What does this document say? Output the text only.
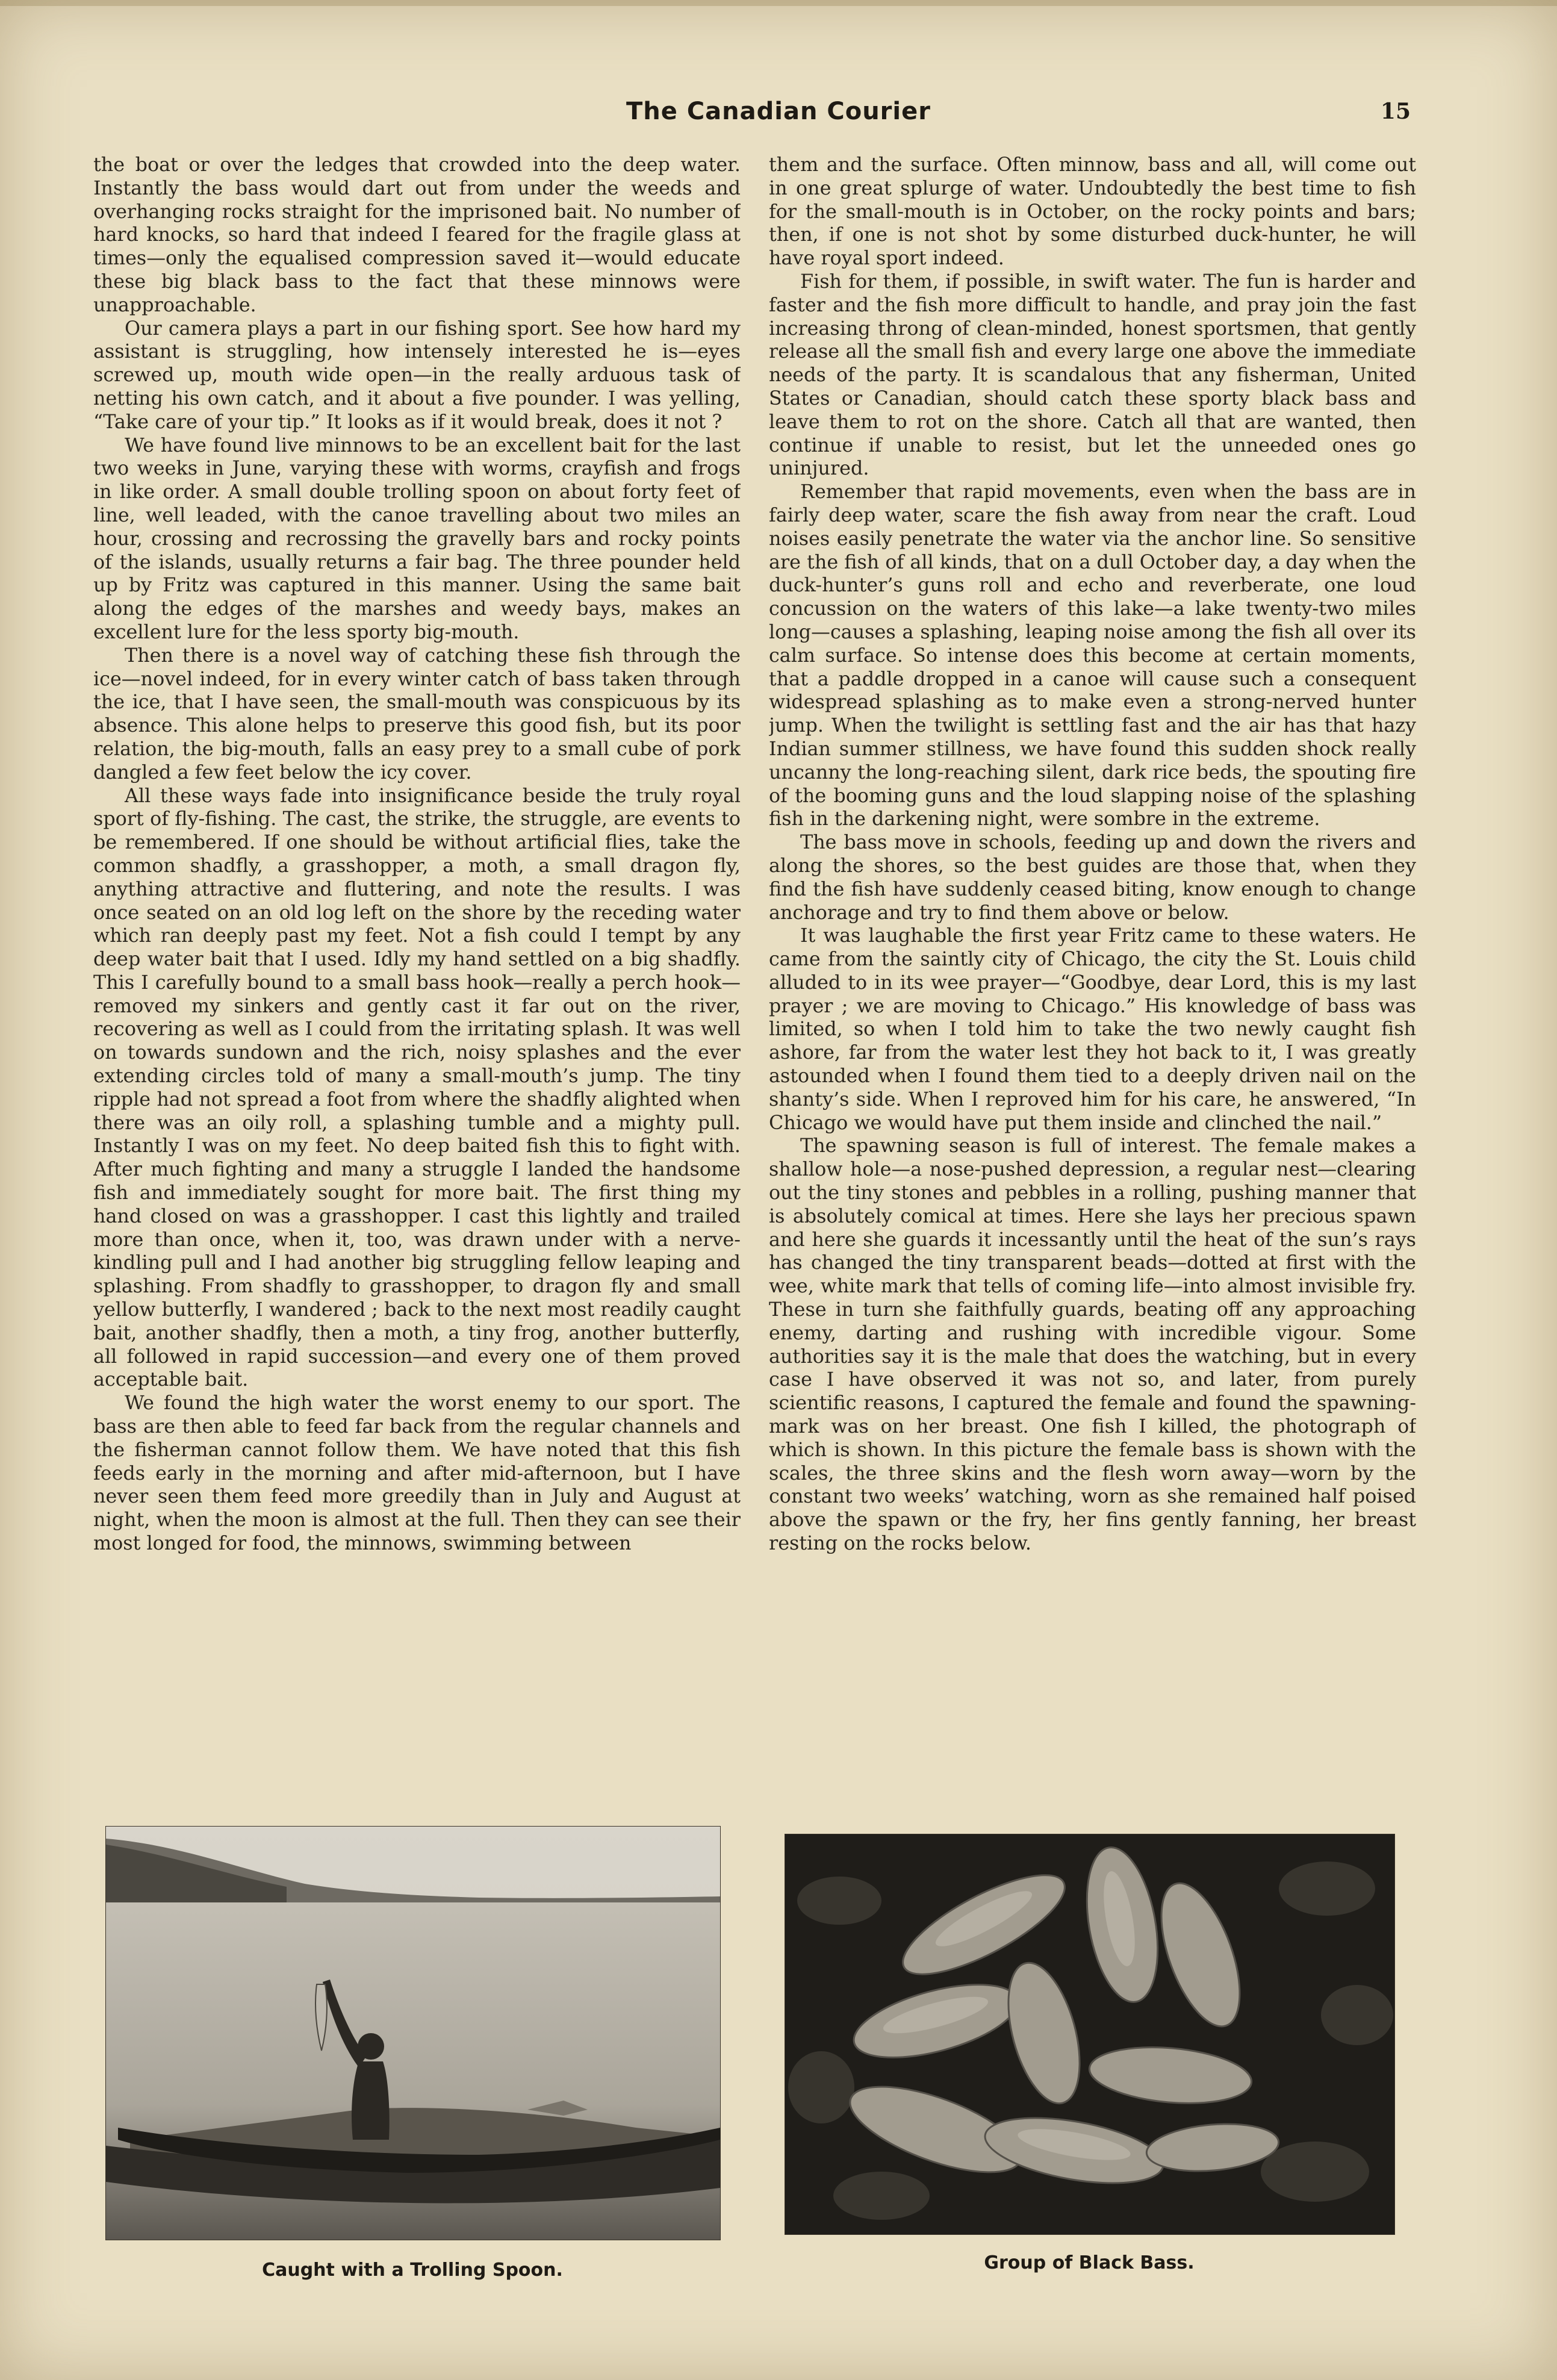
The Canadian Courier	15

the boat or over the ledges that crowded into the deep water. Instantly the bass would dart out from under the weeds and overhanging rocks straight for the imprisoned bait. No number of hard knocks, so hard that indeed I feared for the fragile glass at times—only the equalised compression saved it—would educate these big black bass to the fact that these minnows were unapproachable.

Our camera plays a part in our fishing sport. See how hard my assistant is struggling, how intensely interested he is—eyes screwed up, mouth wide open—in the really arduous task of netting his own catch, and it about a five pounder. I was yelling, “Take care of your tip.” It looks as if it would break, does it not ?

We have found live minnows to be an excellent bait for the last two weeks in June, varying these with worms, crayfish and frogs in like order. A small double trolling spoon on about forty feet of line, well leaded, with the canoe travelling about two miles an hour, crossing and recrossing the gravelly bars and rocky points of the islands, usually returns a fair bag. The three pounder held up by Fritz was captured in this manner. Using the same bait along the edges of the marshes and weedy bays, makes an excellent lure for the less sporty big-mouth.

Then there is a novel way of catching these fish through the ice—novel indeed, for in every winter catch of bass taken through the ice, that I have seen, the small-mouth was conspicuous by its absence. This alone helps to preserve this good fish, but its poor relation, the big-mouth, falls an easy prey to a small cube of pork dangled a few feet below the icy cover.

All these ways fade into insignificance beside the truly royal sport of fly-fishing. The cast, the strike, the struggle, are events to be remembered. If one should be without artificial flies, take the common shadfly, a grasshopper, a moth, a small dragon fly, anything attractive and fluttering, and note the results. I was once seated on an old log left on the shore by the receding water which ran deeply past my feet. Not a fish could I tempt by any deep water bait that I used. Idly my hand settled on a big shadfly. This I carefully bound to a small bass hook—really a perch hook—removed my sinkers and gently cast it far out on the river, recovering as well as I could from the irritating splash. It was well on towards sundown and the rich, noisy splashes and the ever extending circles told of many a small-mouth’s jump. The tiny ripple had not spread a foot from where the shadfly alighted when there was an oily roll, a splashing tumble and a mighty pull. Instantly I was on my feet. No deep baited fish this to fight with. After much fighting and many a struggle I landed the handsome fish and immediately sought for more bait. The first thing my hand closed on was a grasshopper. I cast this lightly and trailed more than once, when it, too, was drawn under with a nerve-kindling pull and I had another big struggling fellow leaping and splashing. From shadfly to grasshopper, to dragon fly and small yellow butterfly, I wandered ; back to the next most readily caught bait, another shadfly, then a moth, a tiny frog, another butterfly, all followed in rapid succession—and every one of them proved acceptable bait.

We found the high water the worst enemy to our sport. The bass are then able to feed far back from the regular channels and the fisherman cannot follow them. We have noted that this fish feeds early in the morning and after mid-afternoon, but I have never seen them feed more greedily than in July and August at night, when the moon is almost at the full. Then they can see their most longed for food, the minnows, swimming between

them and the surface. Often minnow, bass and all, will come out in one great splurge of water. Undoubtedly the best time to fish for the small-mouth is in October, on the rocky points and bars; then, if one is not shot by some disturbed duck-hunter, he will have royal sport indeed.

Fish for them, if possible, in swift water. The fun is harder and faster and the fish more difficult to handle, and pray join the fast increasing throng of clean-minded, honest sportsmen, that gently release all the small fish and every large one above the immediate needs of the party. It is scandalous that any fisherman, United States or Canadian, should catch these sporty black bass and leave them to rot on the shore. Catch all that are wanted, then continue if unable to resist, but let the unneeded ones go uninjured.

Remember that rapid movements, even when the bass are in fairly deep water, scare the fish away from near the craft. Loud noises easily penetrate the water via the anchor line. So sensitive are the fish of all kinds, that on a dull October day, a day when the duck-hunter’s guns roll and echo and reverberate, one loud concussion on the waters of this lake—a lake twenty-two miles long—causes a splashing, leaping noise among the fish all over its calm surface. So intense does this become at certain moments, that a paddle dropped in a canoe will cause such a consequent widespread splashing as to make even a strong-nerved hunter jump. When the twilight is settling fast and the air has that hazy Indian summer stillness, we have found this sudden shock really uncanny the long-reaching silent, dark rice beds, the spouting fire of the booming guns and the loud slapping noise of the splashing fish in the darkening night, were sombre in the extreme.

The bass move in schools, feeding up and down the rivers and along the shores, so the best guides are those that, when they find the fish have suddenly ceased biting, know enough to change anchorage and try to find them above or below.

It was laughable the first year Fritz came to these waters. He came from the saintly city of Chicago, the city the St. Louis child alluded to in its wee prayer—“Goodbye, dear Lord, this is my last prayer ; we are moving to Chicago.” His knowledge of bass was limited, so when I told him to take the two newly caught fish ashore, far from the water lest they hot back to it, I was greatly astounded when I found them tied to a deeply driven nail on the shanty’s side. When I reproved him for his care, he answered, “In Chicago we would have put them inside and clinched the nail.”

The spawning season is full of interest. The female makes a shallow hole—a nose-pushed depression, a regular nest—clearing out the tiny stones and pebbles in a rolling, pushing manner that is absolutely comical at times. Here she lays her precious spawn and here she guards it incessantly until the heat of the sun’s rays has changed the tiny transparent beads—dotted at first with the wee, white mark that tells of coming life—into almost invisible fry. These in turn she faithfully guards, beating off any approaching enemy, darting and rushing with incredible vigour. Some authorities say it is the male that does the watching, but in every case I have observed it was not so, and later, from purely scientific reasons, I captured the female and found the spawning-mark was on her breast. One fish I killed, the photograph of which is shown. In this picture the female bass is shown with the scales, the three skins and the flesh worn away—worn by the constant two weeks’ watching, worn as she remained half poised above the spawn or the fry, her fins gently fanning, her breast resting on the rocks below.

Caught with a Trolling Spoon.	Group of Black Bass.
